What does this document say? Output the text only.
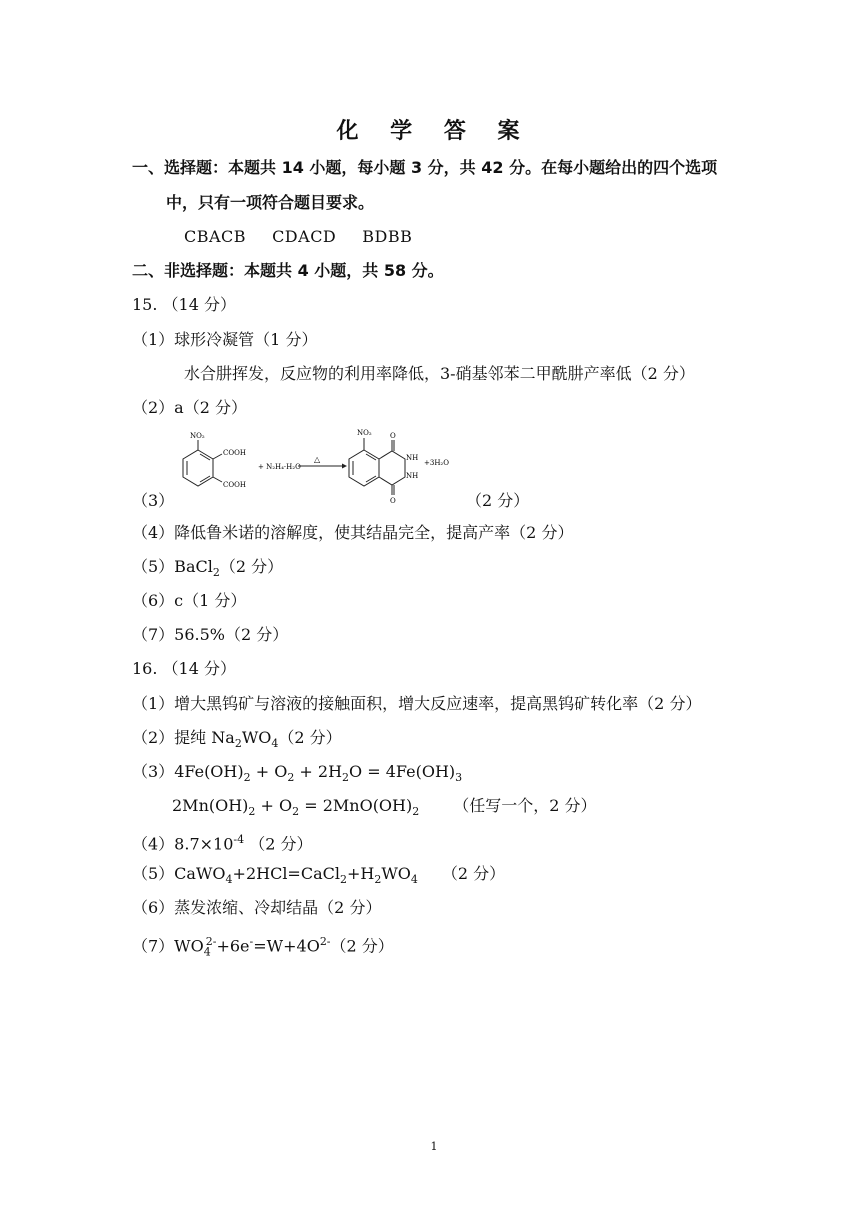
化 学 答 案
一、选择题：本题共 14 小题，每小题 3 分，共 42 分。在每小题给出的四个选项
中，只有一项符合题目要求。
CBACB CDACD BDBB
二、非选择题：本题共 4 小题，共 58 分。
15. （14 分）
（1）球形冷凝管（1 分）
水合肼挥发，反应物的利用率降低，3-硝基邻苯二甲酰肼产率低（2 分）
（2）a（2 分）
NO₂
COOH
COOH
+ N₂H₄·H₂O
△
NO₂	O
NH
NH
O
+3H₂O
（3）	（2 分）
（4）降低鲁米诺的溶解度，使其结晶完全，提高产率（2 分）
（5）BaCl$_2$（2 分）
（6）c（1 分）
（7）56.5%（2 分）
16. （14 分）
（1）增大黑钨矿与溶液的接触面积，增大反应速率，提高黑钨矿转化率（2 分）
（2）提纯 $Na_2WO_4(2$ 分）
$(3)4Fe(OH)_2 + O_2 + 2H_2O = 4Fe(OH)_3$
$2Mn(OH)_2 + O_2 = 2MnO(OH)_2$ （任写一个，2 分）
$(4)8.7\times 10^{-4}$ （2 分）
$(5)CaWO_4+2HCl=CaCl_2+H_2WO_4$ （2 分）
（6）蒸发浓缩、冷却结晶（2 分）
$(7)WO_4^{2-}+6e^-=W+4O^{2-}(2$ 分）
1
